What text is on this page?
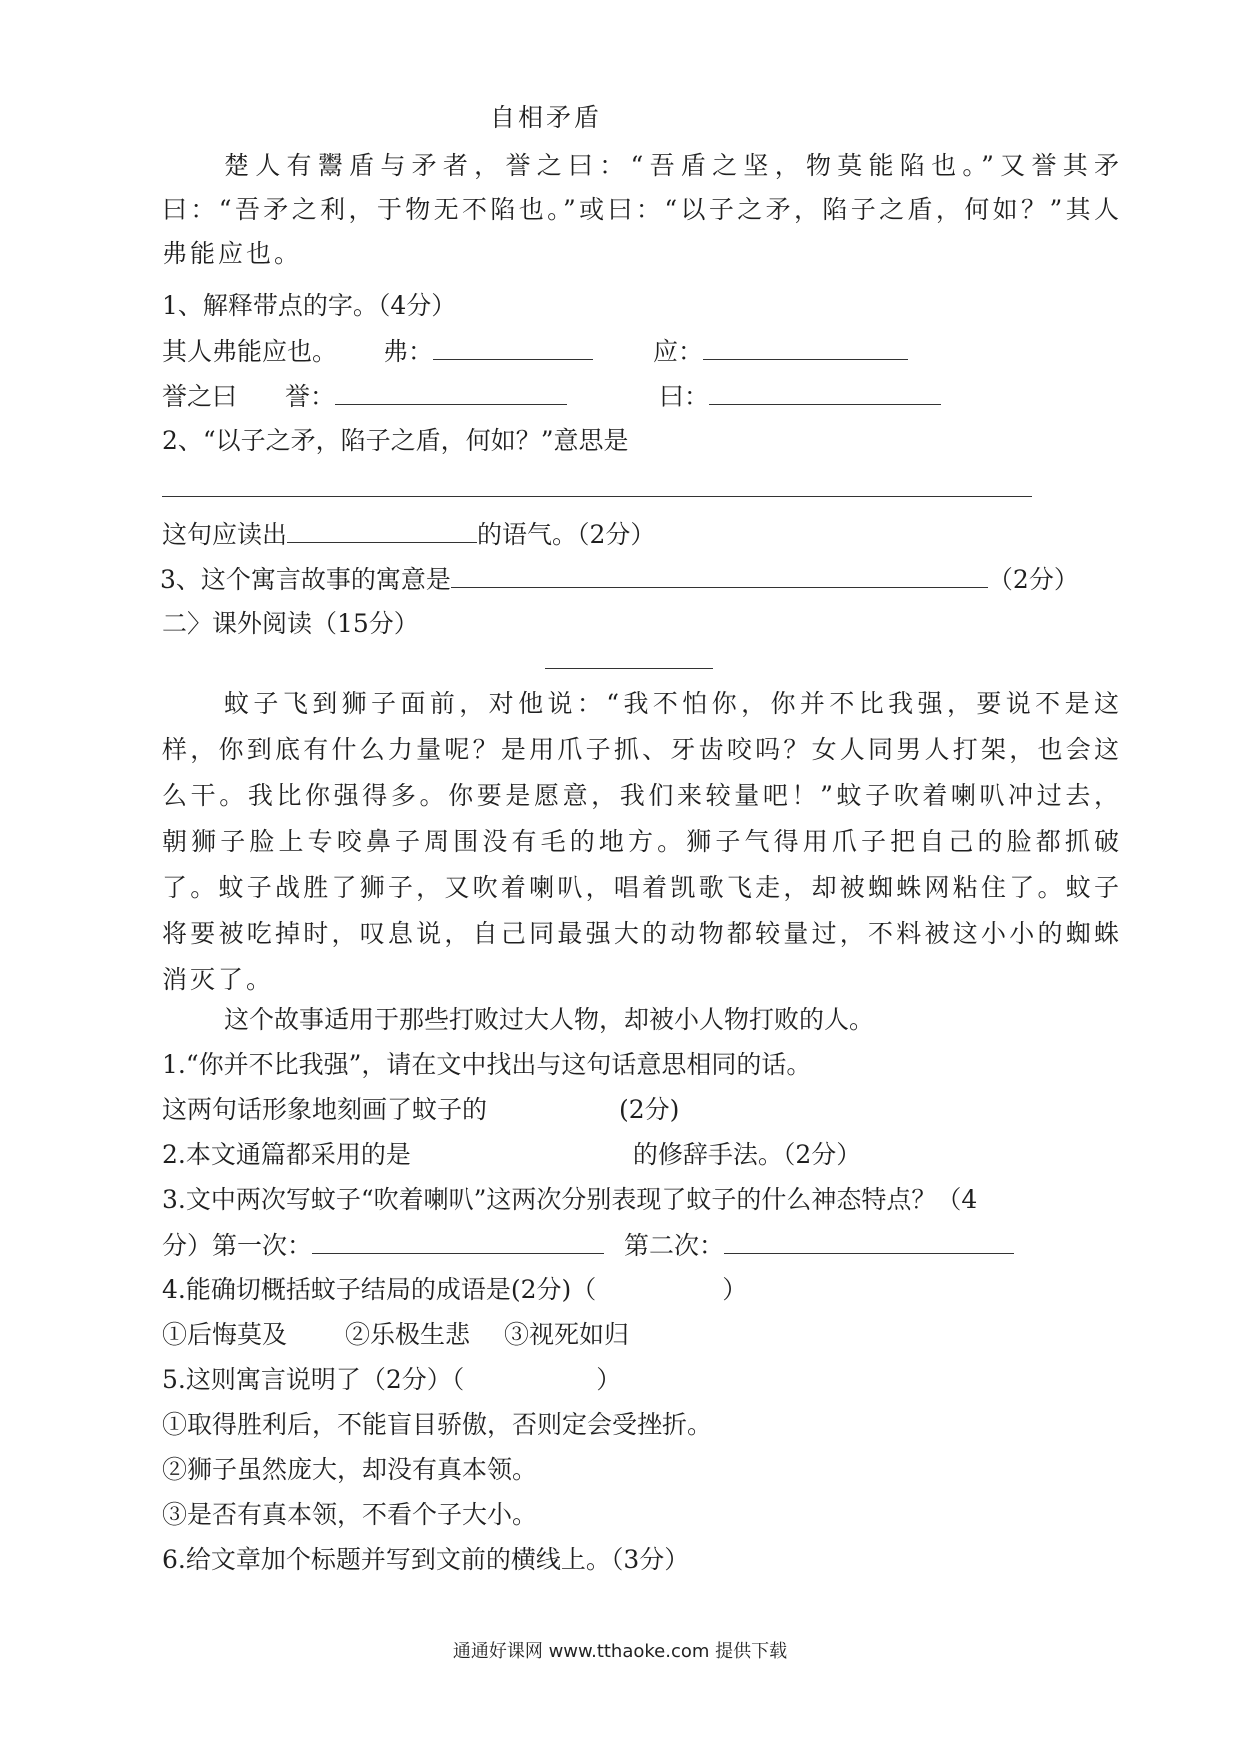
自相矛盾

楚人有鬻盾与矛者，誉之曰：“吾盾之坚，物莫能陷也。”又誉其矛曰：“吾矛之利，于物无不陷也。”或曰：“以子之矛，陷子之盾，何如？”其人弗能应也。

1、解释带点的字。（4分）
其人弗能应也。 弗：	应：
誉之曰 誉：	曰：
2、“以子之矛，陷子之盾，何如？”意思是
这句应读出	的语气。（2分）
3、这个寓言故事的寓意是	（2分）
二〉课外阅读（15分）

蚊子飞到狮子面前，对他说：“我不怕你，你并不比我强，要说不是这样，你到底有什么力量呢？是用爪子抓、牙齿咬吗？女人同男人打架，也会这么干。我比你强得多。你要是愿意，我们来较量吧！”蚊子吹着喇叭冲过去，朝狮子脸上专咬鼻子周围没有毛的地方。狮子气得用爪子把自己的脸都抓破了。蚊子战胜了狮子，又吹着喇叭，唱着凯歌飞走，却被蜘蛛网粘住了。蚊子将要被吃掉时，叹息说，自己同最强大的动物都较量过，不料被这小小的蜘蛛消灭了。

这个故事适用于那些打败过大人物，却被小人物打败的人。
1.“你并不比我强”，请在文中找出与这句话意思相同的话。
这两句话形象地刻画了蚊子的	(2分)
2.本文通篇都采用的是	的修辞手法。（2分）
3.文中两次写蚊子“吹着喇叭”这两次分别表现了蚊子的什么神态特点？（4
分）第一次：	第二次：
4.能确切概括蚊子结局的成语是(2分)（	）
①后悔莫及 ②乐极生悲 ③视死如归
5.这则寓言说明了（2分）（	）
①取得胜利后，不能盲目骄傲，否则定会受挫折。
②狮子虽然庞大，却没有真本领。
③是否有真本领，不看个子大小。
6.给文章加个标题并写到文前的横线上。（3分）
通通好课网 www.tthaoke.com 提供下载
